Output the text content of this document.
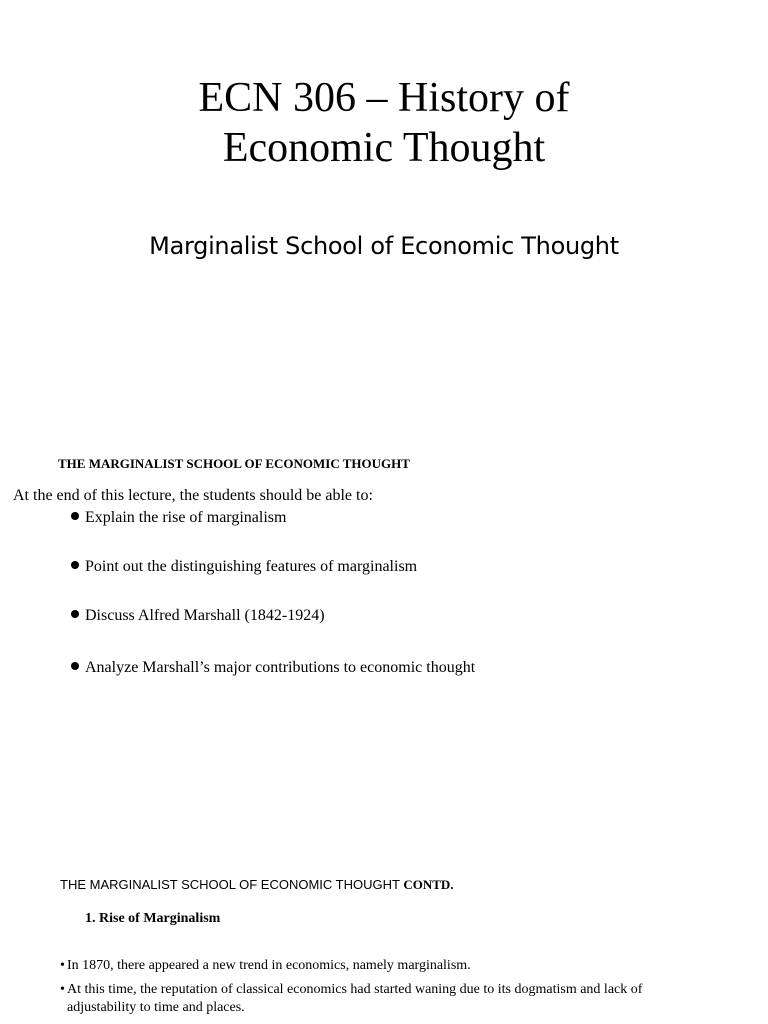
ECN 306 – History of
Economic Thought
Marginalist School of Economic Thought
THE MARGINALIST SCHOOL OF ECONOMIC THOUGHT
At the end of this lecture, the students should be able to:
Explain the rise of marginalism
Point out the distinguishing features of marginalism
Discuss Alfred Marshall (1842-1924)
Analyze Marshall’s major contributions to economic thought
THE MARGINALIST SCHOOL OF ECONOMIC THOUGHT CONTD.
1. Rise of Marginalism
• In 1870, there appeared a new trend in economics, namely marginalism.
• At this time, the reputation of classical economics had started waning due to its dogmatism and lack of adjustability to time and places.
